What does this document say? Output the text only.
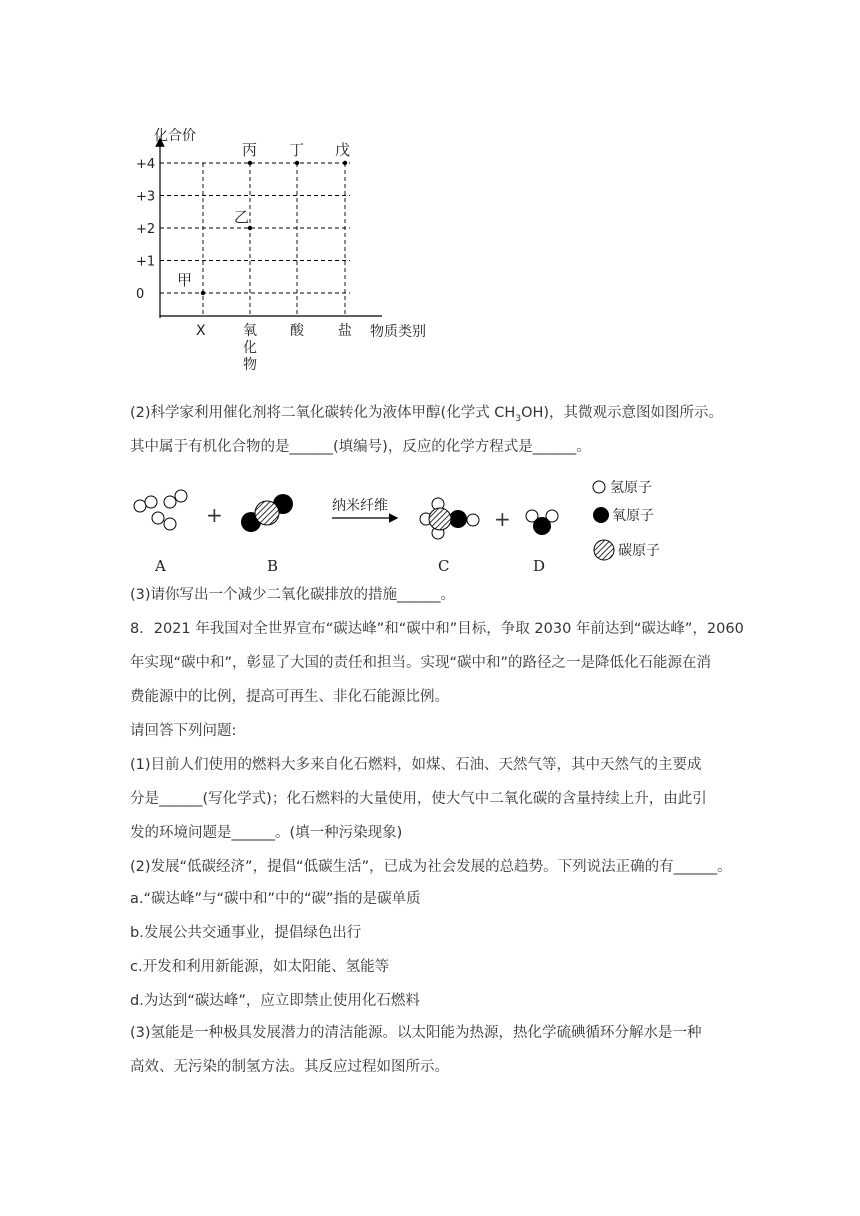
+4
+3
+2
+1
0
X	氧
化
物
酸 盐
甲
乙
丙 丁 戊
化合价
物质类别
(2)科学家利用催化剂将二氧化碳转化为液体甲醇(化学式 $CH_3OH$)，其微观示意图如图所示。
其中属于有机化合物的是______(填编号)，反应的化学方程式是______。
+	纳米纤维
+
氢原子
氧原子
碳原子
A	B	C	D
(3)请你写出一个减少二氧化碳排放的措施______。
8．2021 年我国对全世界宣布“碳达峰”和“碳中和”目标，争取 2030 年前达到“碳达峰”，2060
年实现“碳中和”，彰显了大国的责任和担当。实现“碳中和”的路径之一是降低化石能源在消
费能源中的比例，提高可再生、非化石能源比例。
请回答下列问题:
(1)目前人们使用的燃料大多来自化石燃料，如煤、石油、天然气等，其中天然气的主要成
分是______(写化学式)；化石燃料的大量使用，使大气中二氧化碳的含量持续上升，由此引
发的环境问题是______。(填一种污染现象)
(2)发展“低碳经济”，提倡“低碳生活”，已成为社会发展的总趋势。下列说法正确的有______。
a.“碳达峰”与“碳中和”中的“碳”指的是碳单质
b.发展公共交通事业，提倡绿色出行
c.开发和利用新能源，如太阳能、氢能等
d.为达到“碳达峰”，应立即禁止使用化石燃料
(3)氢能是一种极具发展潜力的清洁能源。以太阳能为热源，热化学硫碘循环分解水是一种
高效、无污染的制氢方法。其反应过程如图所示。
